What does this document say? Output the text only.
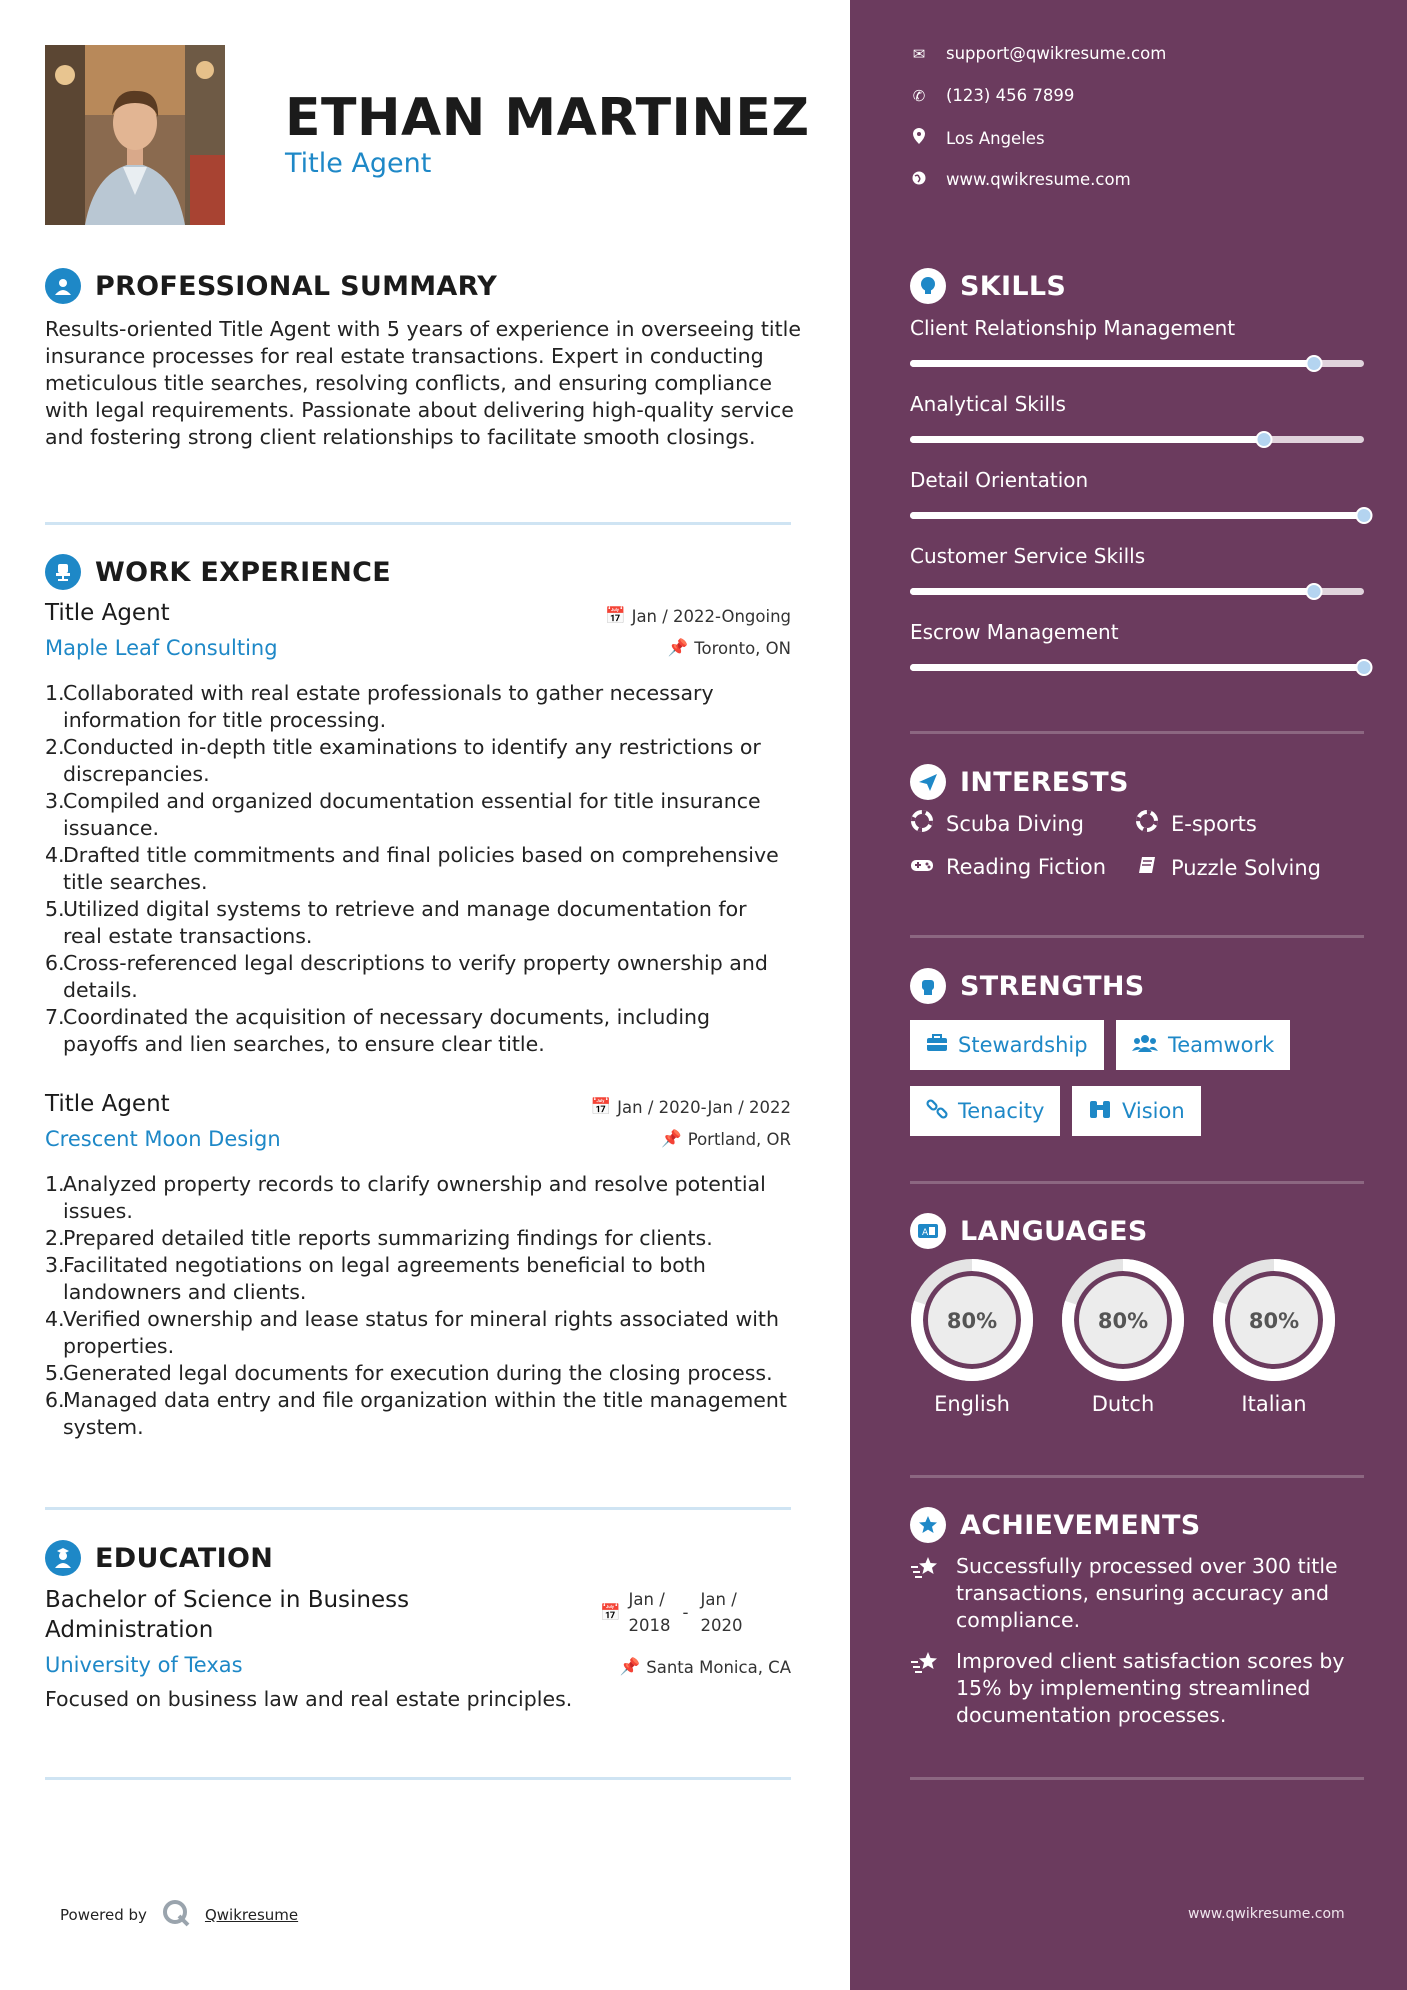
ETHAN MARTINEZ
Title Agent
PROFESSIONAL SUMMARY
Results-oriented Title Agent with 5 years of experience in overseeing title insurance processes for real estate transactions. Expert in conducting meticulous title searches, resolving conflicts, and ensuring compliance with legal requirements. Passionate about delivering high-quality service and fostering strong client relationships to facilitate smooth closings.
WORK EXPERIENCE
Title Agent
Maple Leaf Consulting
📅 Jan / 2022-Ongoing
📌 Toronto, ON
1.
Collaborated with real estate professionals to gather necessary information for title processing.
2.
Conducted in-depth title examinations to identify any restrictions or discrepancies.
3.
Compiled and organized documentation essential for title insurance issuance.
4.
Drafted title commitments and final policies based on comprehensive title searches.
5.
Utilized digital systems to retrieve and manage documentation for real estate transactions.
6.
Cross-referenced legal descriptions to verify property ownership and details.
7.
Coordinated the acquisition of necessary documents, including payoffs and lien searches, to ensure clear title.
Title Agent
Crescent Moon Design
📅 Jan / 2020-Jan / 2022
📌 Portland, OR
1.
Analyzed property records to clarify ownership and resolve potential issues.
2.
Prepared detailed title reports summarizing findings for clients.
3.
Facilitated negotiations on legal agreements beneficial to both landowners and clients.
4.
Verified ownership and lease status for mineral rights associated with properties.
5.
Generated legal documents for execution during the closing process.
6.
Managed data entry and file organization within the title management system.
EDUCATION
Bachelor of Science in Business Administration
University of Texas
📅
Jan /
2018
-
Jan /
2020
📌 Santa Monica, CA
Focused on business law and real estate principles.
Powered by	Qwikresume
✉ support@qwikresume.com
✆ (123) 456 7899
Los Angeles
www.qwikresume.com
SKILLS
Client Relationship Management
Analytical Skills
Detail Orientation
Customer Service Skills
Escrow Management
INTERESTS
Scuba Diving	E-sports
Reading Fiction	Puzzle Solving
STRENGTHS
Stewardship	Teamwork
Tenacity	Vision
A LANGUAGES
80%
English
80%
Dutch
80%
Italian
ACHIEVEMENTS
Successfully processed over 300 title transactions, ensuring accuracy and compliance.
Improved client satisfaction scores by 15% by implementing streamlined documentation processes.
www.qwikresume.com
